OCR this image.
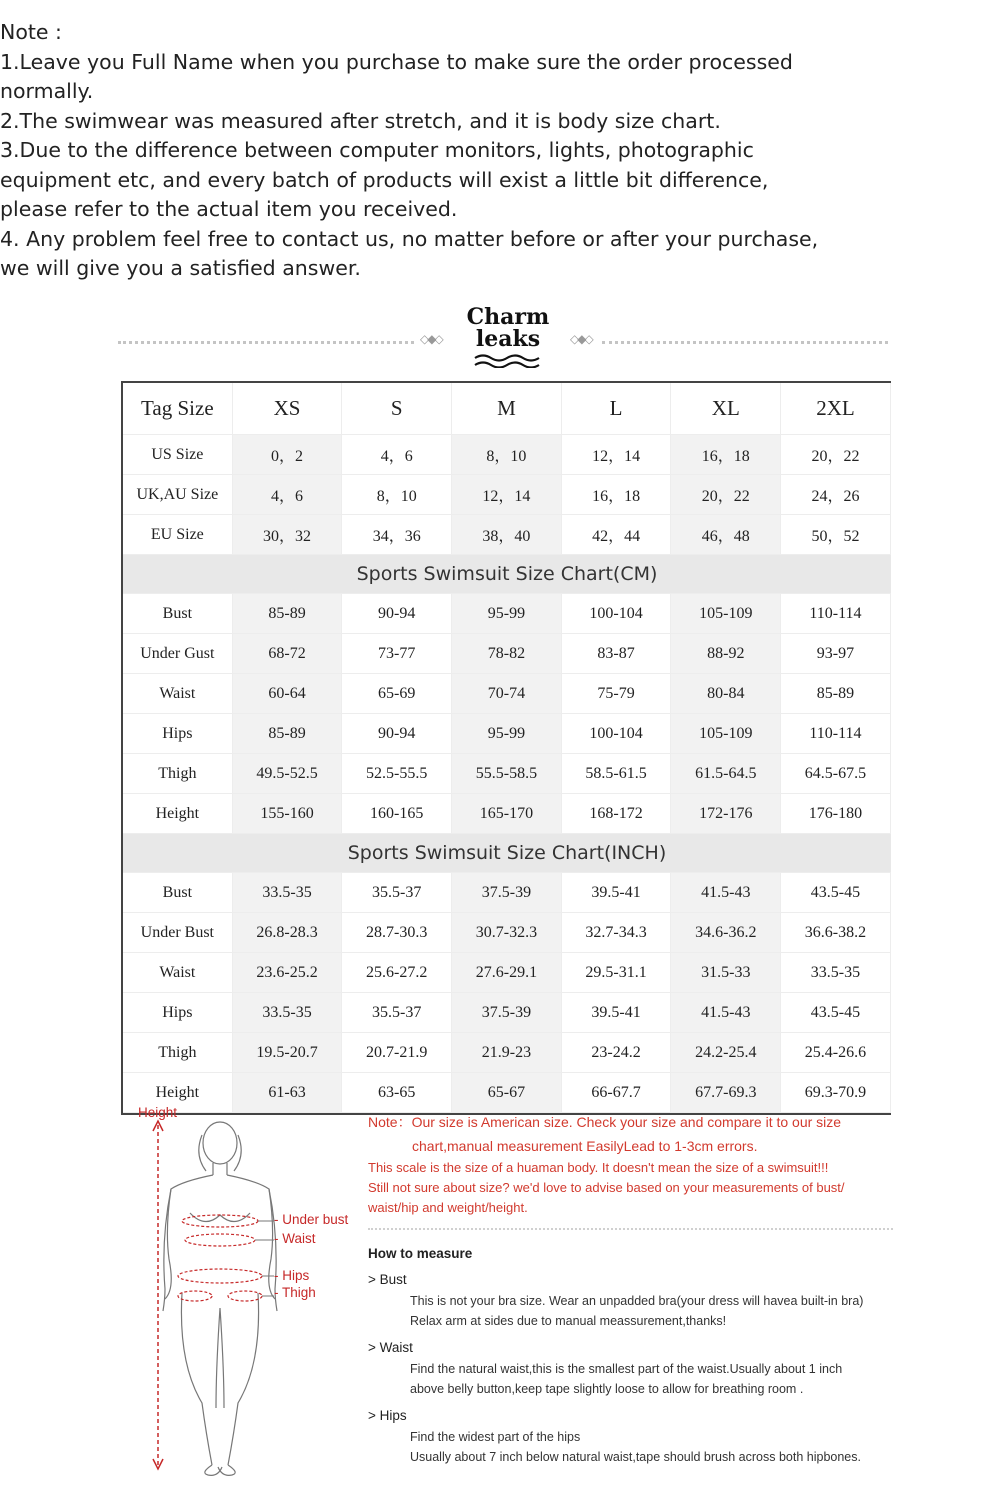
Note :

1.Leave you Full Name when you purchase to make sure the order processed normally.

2.The swimwear was measured after stretch, and it is body size chart.

3.Due to the difference between computer monitors, lights, photographic equipment etc, and every batch of products will exist a little bit difference, please refer to the actual item you received.

4. Any problem feel free to contact us, no matter before or after your purchase, we will give you a satisfied answer.

◇◆◇
Charm
leaks	◇◆◇
Tag Size	XS	S	M	L	XL	2XL
US Size	0，2	4，6	8，10	12，14	16，18	20，22
UK,AU Size	4，6	8，10	12，14	16，18	20，22	24，26
EU Size	30，32	34，36	38，40	42，44	46，48	50，52
Sports Swimsuit Size Chart(CM)
Bust	85-89	90-94	95-99	100-104	105-109	110-114
Under Gust	68-72	73-77	78-82	83-87	88-92	93-97
Waist	60-64	65-69	70-74	75-79	80-84	85-89
Hips	85-89	90-94	95-99	100-104	105-109	110-114
Thigh	49.5-52.5	52.5-55.5	55.5-58.5	58.5-61.5	61.5-64.5	64.5-67.5
Height	155-160	160-165	165-170	168-172	172-176	176-180
Sports Swimsuit Size Chart(INCH)
Bust	33.5-35	35.5-37	37.5-39	39.5-41	41.5-43	43.5-45
Under Bust	26.8-28.3	28.7-30.3	30.7-32.3	32.7-34.3	34.6-36.2	36.6-38.2
Waist	23.6-25.2	25.6-27.2	27.6-29.1	29.5-31.1	31.5-33	33.5-35
Hips	33.5-35	35.5-37	37.5-39	39.5-41	41.5-43	43.5-45
Thigh	19.5-20.7	20.7-21.9	21.9-23	23-24.2	24.2-25.4	25.4-26.6
Height	61-63	63-65	65-67	66-67.7	67.7-69.3	69.3-70.9
Height
- Under bust
- Waist
- Hips
- Thigh
Note：Our size is American size. Check your size and compare it to our size
chart,manual measurement EasilyLead to 1-3cm errors.
This scale is the size of a huaman body. It doesn't mean the size of a swimsuit!!!
Still not sure about size? we'd love to advise based on your measurements of bust/
waist/hip and weight/height.
How to measure
> Bust
This is not your bra size. Wear an unpadded bra(your dress will havea built-in bra)
Relax arm at sides due to manual meassurement,thanks!
> Waist
Find the natural waist,this is the smallest part of the waist.Usually about 1 inch
above belly button,keep tape slightly loose to allow for breathing room .
> Hips
Find the widest part of the hips
Usually about 7 inch below natural waist,tape should brush across both hipbones.
